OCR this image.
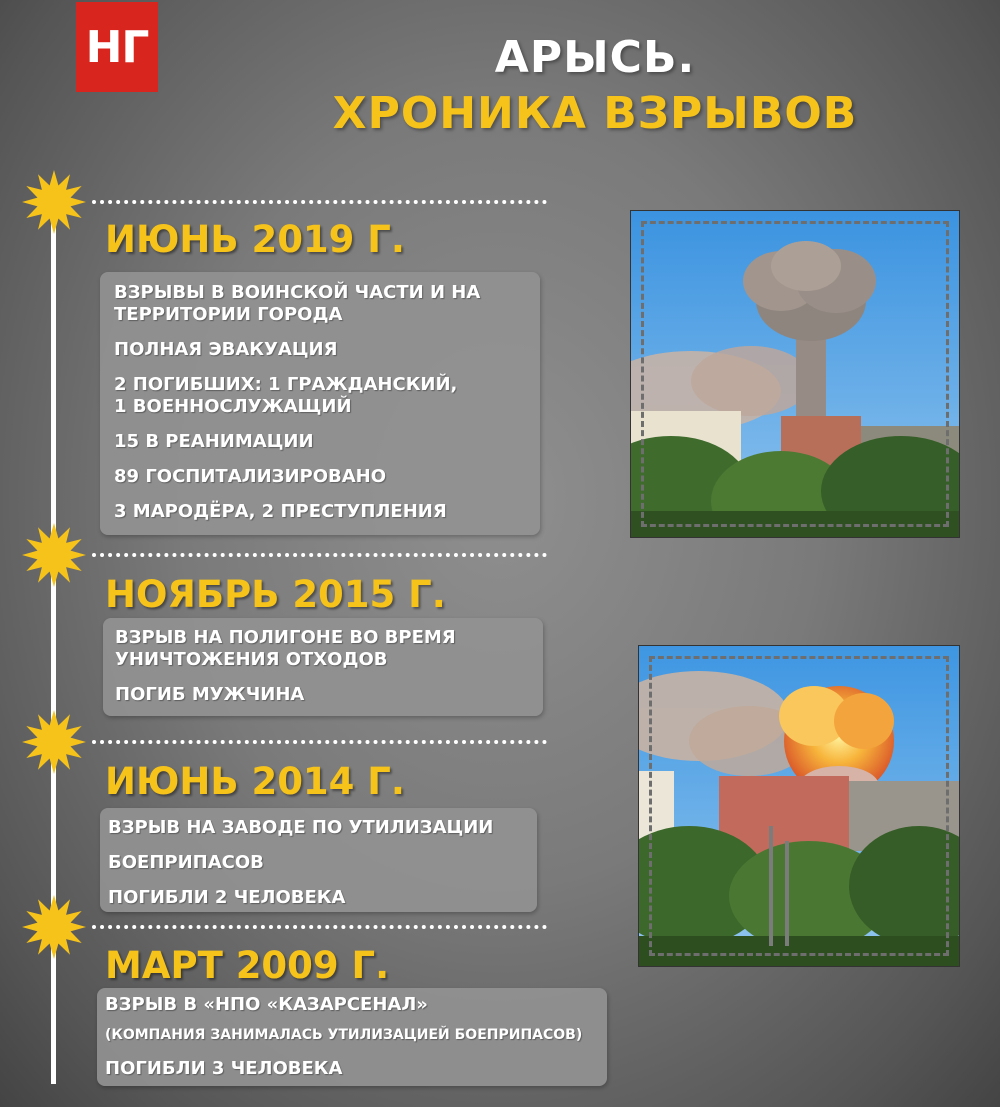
НГ	АРЫСЬ.
ХРОНИКА ВЗРЫВОВ
ИЮНЬ 2019 Г.
ВЗРЫВЫ В ВОИНСКОЙ ЧАСТИ И НА
ТЕРРИТОРИИ ГОРОДА
ПОЛНАЯ ЭВАКУАЦИЯ
2 ПОГИБШИХ: 1 ГРАЖДАНСКИЙ,
1 ВОЕННОСЛУЖАЩИЙ
15 В РЕАНИМАЦИИ
89 ГОСПИТАЛИЗИРОВАНО
3 МАРОДЁРА, 2 ПРЕСТУПЛЕНИЯ
НОЯБРЬ 2015 Г.
ВЗРЫВ НА ПОЛИГОНЕ ВО ВРЕМЯ
УНИЧТОЖЕНИЯ ОТХОДОВ
ПОГИБ МУЖЧИНА
ИЮНЬ 2014 Г.
ВЗРЫВ НА ЗАВОДЕ ПО УТИЛИЗАЦИИ
БОЕПРИПАСОВ
ПОГИБЛИ 2 ЧЕЛОВЕКА
МАРТ 2009 Г.
ВЗРЫВ В «НПО «КАЗАРСЕНАЛ»
(КОМПАНИЯ ЗАНИМАЛАСЬ УТИЛИЗАЦИЕЙ БОЕПРИПАСОВ)
ПОГИБЛИ 3 ЧЕЛОВЕКА
